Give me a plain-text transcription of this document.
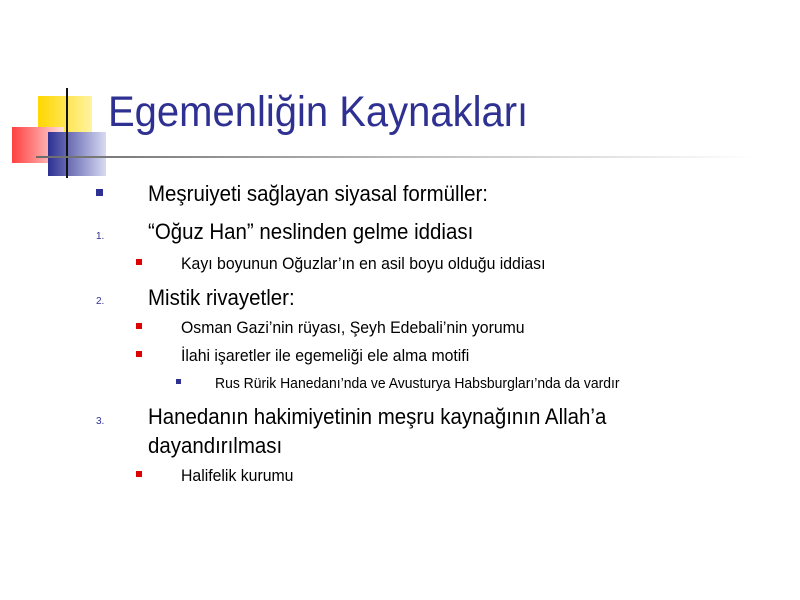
Egemenliğin Kaynakları
Meşruiyeti sağlayan siyasal formüller:
1. “Oğuz Han” neslinden gelme iddiası
Kayı boyunun Oğuzlar’ın en asil boyu olduğu iddiası
2. Mistik rivayetler:
Osman Gazi’nin rüyası, Şeyh Edebali’nin yorumu
İlahi işaretler ile egemeliği ele alma motifi
Rus Rürik Hanedanı’nda ve Avusturya Habsburgları’nda da vardır
3. Hanedanın hakimiyetinin meşru kaynağının Allah’a
dayandırılması
Halifelik kurumu
